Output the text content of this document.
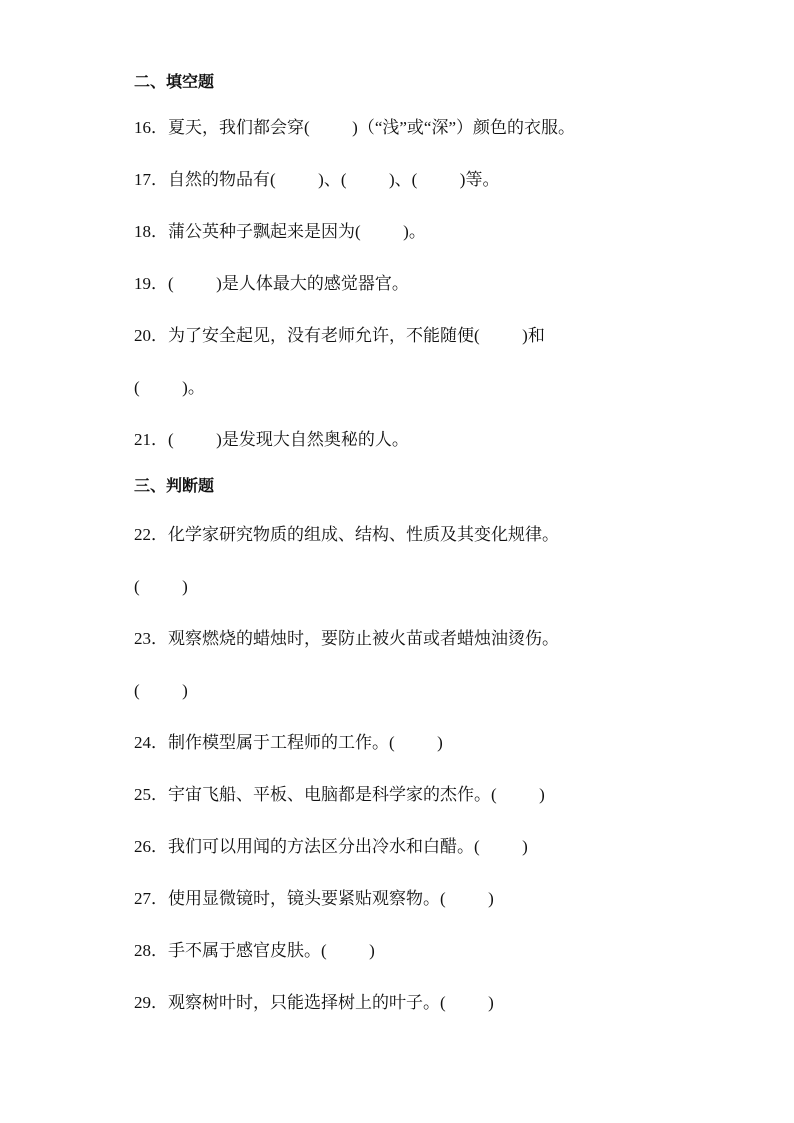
二、填空题
16．夏天，我们都会穿(          )（“浅”或“深”）颜色的衣服。
17．自然的物品有(          )、(          )、(          )等。
18．蒲公英种子飘起来是因为(          )。
19．(          )是人体最大的感觉器官。
20．为了安全起见，没有老师允许，不能随便(          )和
(          )。
21．(          )是发现大自然奥秘的人。
三、判断题
22．化学家研究物质的组成、结构、性质及其变化规律。
(          )
23．观察燃烧的蜡烛时，要防止被火苗或者蜡烛油烫伤。
(          )
24．制作模型属于工程师的工作。(          )
25．宇宙飞船、平板、电脑都是科学家的杰作。(          )
26．我们可以用闻的方法区分出冷水和白醋。(          )
27．使用显微镜时，镜头要紧贴观察物。(          )
28．手不属于感官皮肤。(          )
29．观察树叶时，只能选择树上的叶子。(          )
